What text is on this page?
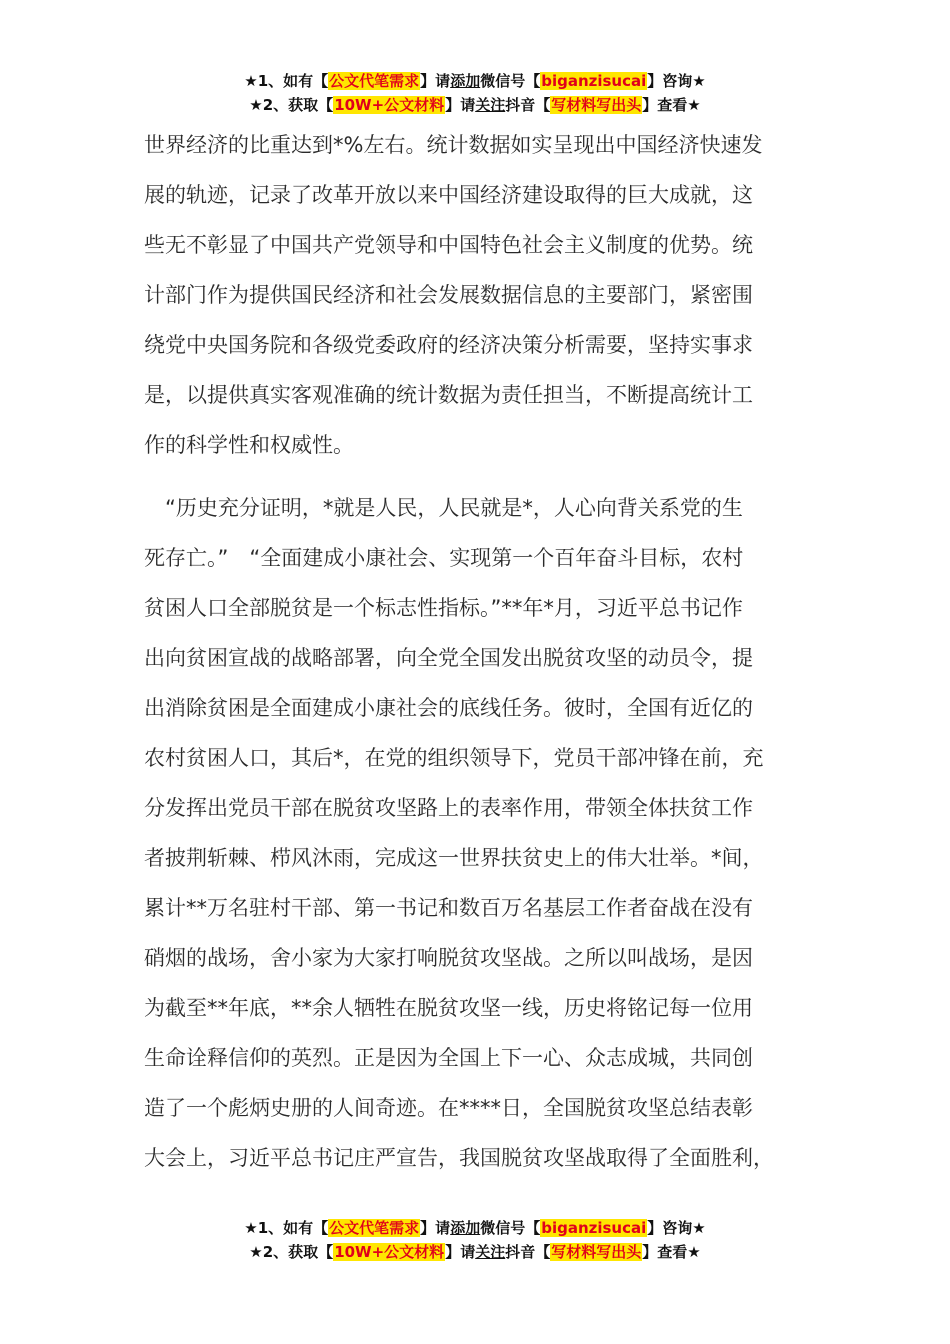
★1、如有【公文代笔需求】请添加微信号【biganzisucai】咨询★
★2、获取【10W+公文材料】请关注抖音【写材料写出头】查看★

世界经济的比重达到*%左右。统计数据如实呈现出中国经济快速发
展的轨迹，记录了改革开放以来中国经济建设取得的巨大成就，这
些无不彰显了中国共产党领导和中国特色社会主义制度的优势。统
计部门作为提供国民经济和社会发展数据信息的主要部门，紧密围
绕党中央国务院和各级党委政府的经济决策分析需要，坚持实事求
是，以提供真实客观准确的统计数据为责任担当，不断提高统计工
作的科学性和权威性。

　“历史充分证明，*就是人民，人民就是*，人心向背关系党的生
死存亡。”　“全面建成小康社会、实现第一个百年奋斗目标，农村
贫困人口全部脱贫是一个标志性指标。”**年*月，习近平总书记作
出向贫困宣战的战略部署，向全党全国发出脱贫攻坚的动员令，提
出消除贫困是全面建成小康社会的底线任务。彼时，全国有近亿的
农村贫困人口，其后*，在党的组织领导下，党员干部冲锋在前，充
分发挥出党员干部在脱贫攻坚路上的表率作用，带领全体扶贫工作
者披荆斩棘、栉风沐雨，完成这一世界扶贫史上的伟大壮举。*间，
累计**万名驻村干部、第一书记和数百万名基层工作者奋战在没有
硝烟的战场，舍小家为大家打响脱贫攻坚战。之所以叫战场，是因
为截至**年底，**余人牺牲在脱贫攻坚一线，历史将铭记每一位用
生命诠释信仰的英烈。正是因为全国上下一心、众志成城，共同创
造了一个彪炳史册的人间奇迹。在****日，全国脱贫攻坚总结表彰
大会上，习近平总书记庄严宣告，我国脱贫攻坚战取得了全面胜利，

★1、如有【公文代笔需求】请添加微信号【biganzisucai】咨询★
★2、获取【10W+公文材料】请关注抖音【写材料写出头】查看★
